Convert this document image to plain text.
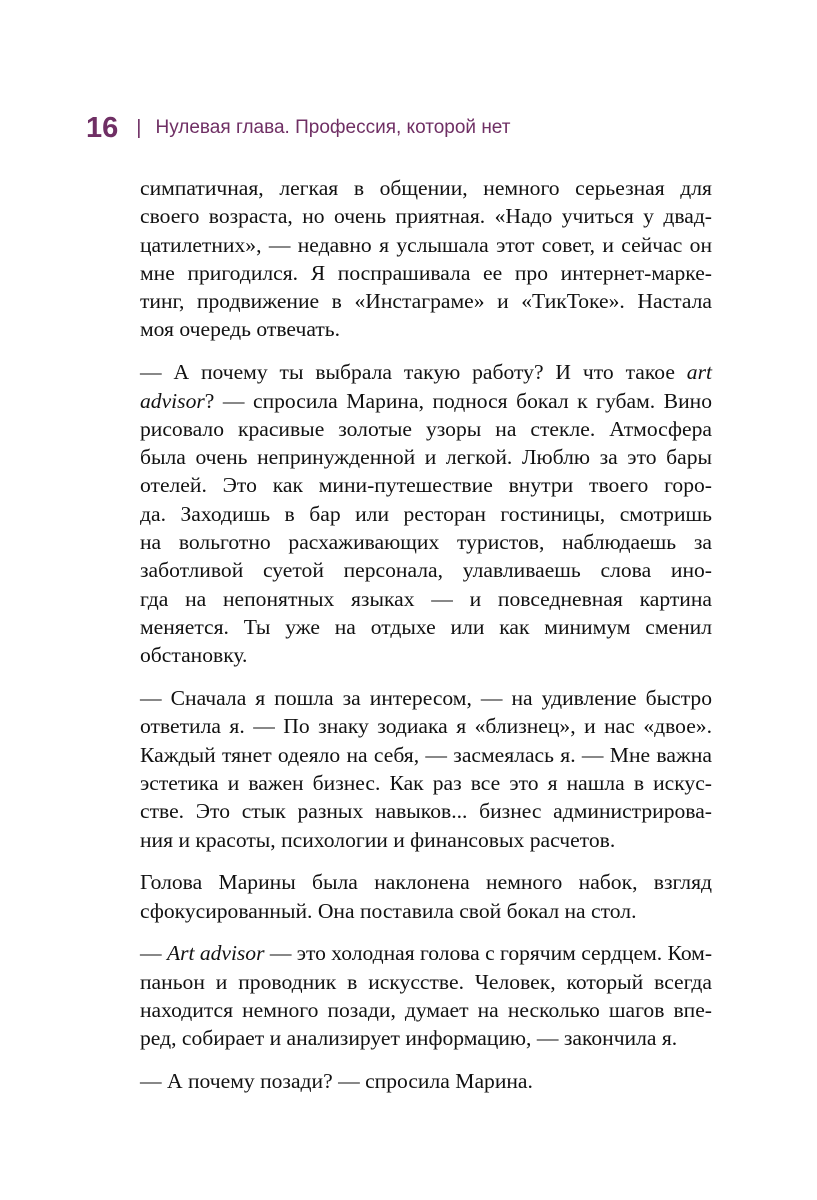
16 | Нулевая глава. Профессия, которой нет

симпатичная, легкая в общении, немного серьезная для
своего возраста, но очень приятная. «Надо учиться у двад-
цатилетних», — недавно я услышала этот совет, и сейчас он
мне пригодился. Я поспрашивала ее про интернет-марке-
тинг, продвижение в «Инстаграме» и «ТикТоке». Настала
моя очередь отвечать.

— А почему ты выбрала такую работу? И что такое art
advisor? — спросила Марина, поднося бокал к губам. Вино
рисовало красивые золотые узоры на стекле. Атмосфера
была очень непринужденной и легкой. Люблю за это бары
отелей. Это как мини-путешествие внутри твоего горо-
да. Заходишь в бар или ресторан гостиницы, смотришь
на вольготно расхаживающих туристов, наблюдаешь за
заботливой суетой персонала, улавливаешь слова ино-
гда на непонятных языках — и повседневная картина
меняется. Ты уже на отдыхе или как минимум сменил
обстановку.

— Сначала я пошла за интересом, — на удивление быстро
ответила я. — По знаку зодиака я «близнец», и нас «двое».
Каждый тянет одеяло на себя, — засмеялась я. — Мне важна
эстетика и важен бизнес. Как раз все это я нашла в искус-
стве. Это стык разных навыков... бизнес администрирова-
ния и красоты, психологии и финансовых расчетов.

Голова Марины была наклонена немного набок, взгляд
сфокусированный. Она поставила свой бокал на стол.

— Art advisor — это холодная голова с горячим сердцем. Ком-
паньон и проводник в искусстве. Человек, который всегда
находится немного позади, думает на несколько шагов впе-
ред, собирает и анализирует информацию, — закончила я.

— А почему позади? — спросила Марина.
